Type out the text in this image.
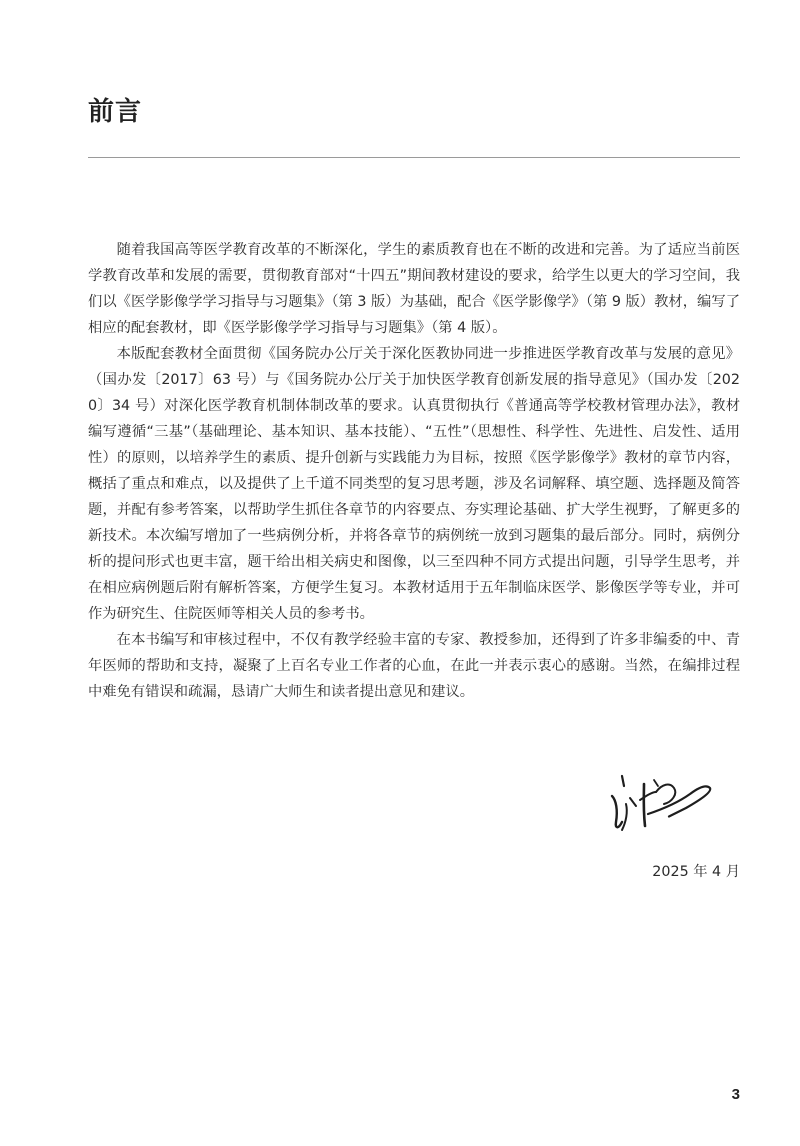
前言

随着我国高等医学教育改革的不断深化，学生的素质教育也在不断的改进和完善。为了适应当前医学教育改革和发展的需要，贯彻教育部对“十四五”期间教材建设的要求，给学生以更大的学习空间，我们以《医学影像学学习指导与习题集》（第 3 版）为基础，配合《医学影像学》（第 9 版）教材，编写了相应的配套教材，即《医学影像学学习指导与习题集》（第 4 版）。

本版配套教材全面贯彻《国务院办公厅关于深化医教协同进一步推进医学教育改革与发展的意见》（国办发〔2017〕63 号）与《国务院办公厅关于加快医学教育创新发展的指导意见》（国办发〔2020〕34 号）对深化医学教育机制体制改革的要求。认真贯彻执行《普通高等学校教材管理办法》，教材编写遵循“三基”（基础理论、基本知识、基本技能）、“五性”（思想性、科学性、先进性、启发性、适用性）的原则，以培养学生的素质、提升创新与实践能力为目标，按照《医学影像学》教材的章节内容，概括了重点和难点，以及提供了上千道不同类型的复习思考题，涉及名词解释、填空题、选择题及简答题，并配有参考答案，以帮助学生抓住各章节的内容要点、夯实理论基础、扩大学生视野，了解更多的新技术。本次编写增加了一些病例分析，并将各章节的病例统一放到习题集的最后部分。同时，病例分析的提问形式也更丰富，题干给出相关病史和图像，以三至四种不同方式提出问题，引导学生思考，并在相应病例题后附有解析答案，方便学生复习。本教材适用于五年制临床医学、影像医学等专业，并可作为研究生、住院医师等相关人员的参考书。

在本书编写和审核过程中，不仅有教学经验丰富的专家、教授参加，还得到了许多非编委的中、青年医师的帮助和支持，凝聚了上百名专业工作者的心血，在此一并表示衷心的感谢。当然，在编排过程中难免有错误和疏漏，恳请广大师生和读者提出意见和建议。

2025 年 4 月
3
